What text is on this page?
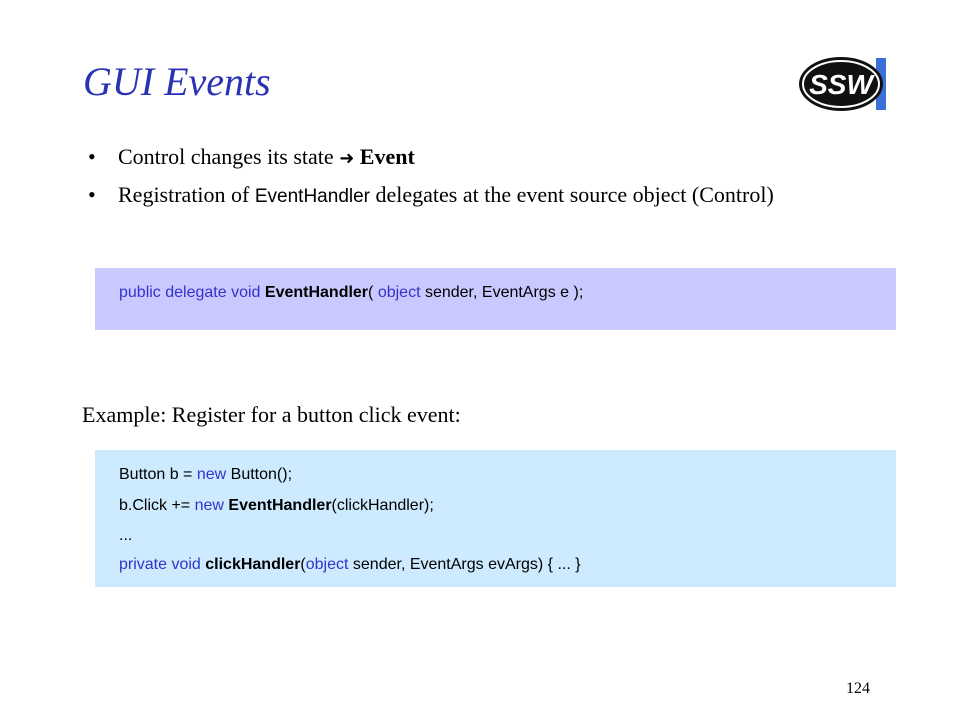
GUI Events	SSW
•	Control changes its state ➜ Event
•	Registration of EventHandler delegates at the event source object (Control)
public delegate void EventHandler( object sender, EventArgs e );
Example: Register for a button click event:
Button b = new Button();
b.Click += new EventHandler(clickHandler);
...
private void clickHandler(object sender, EventArgs evArgs) { ... }
124
